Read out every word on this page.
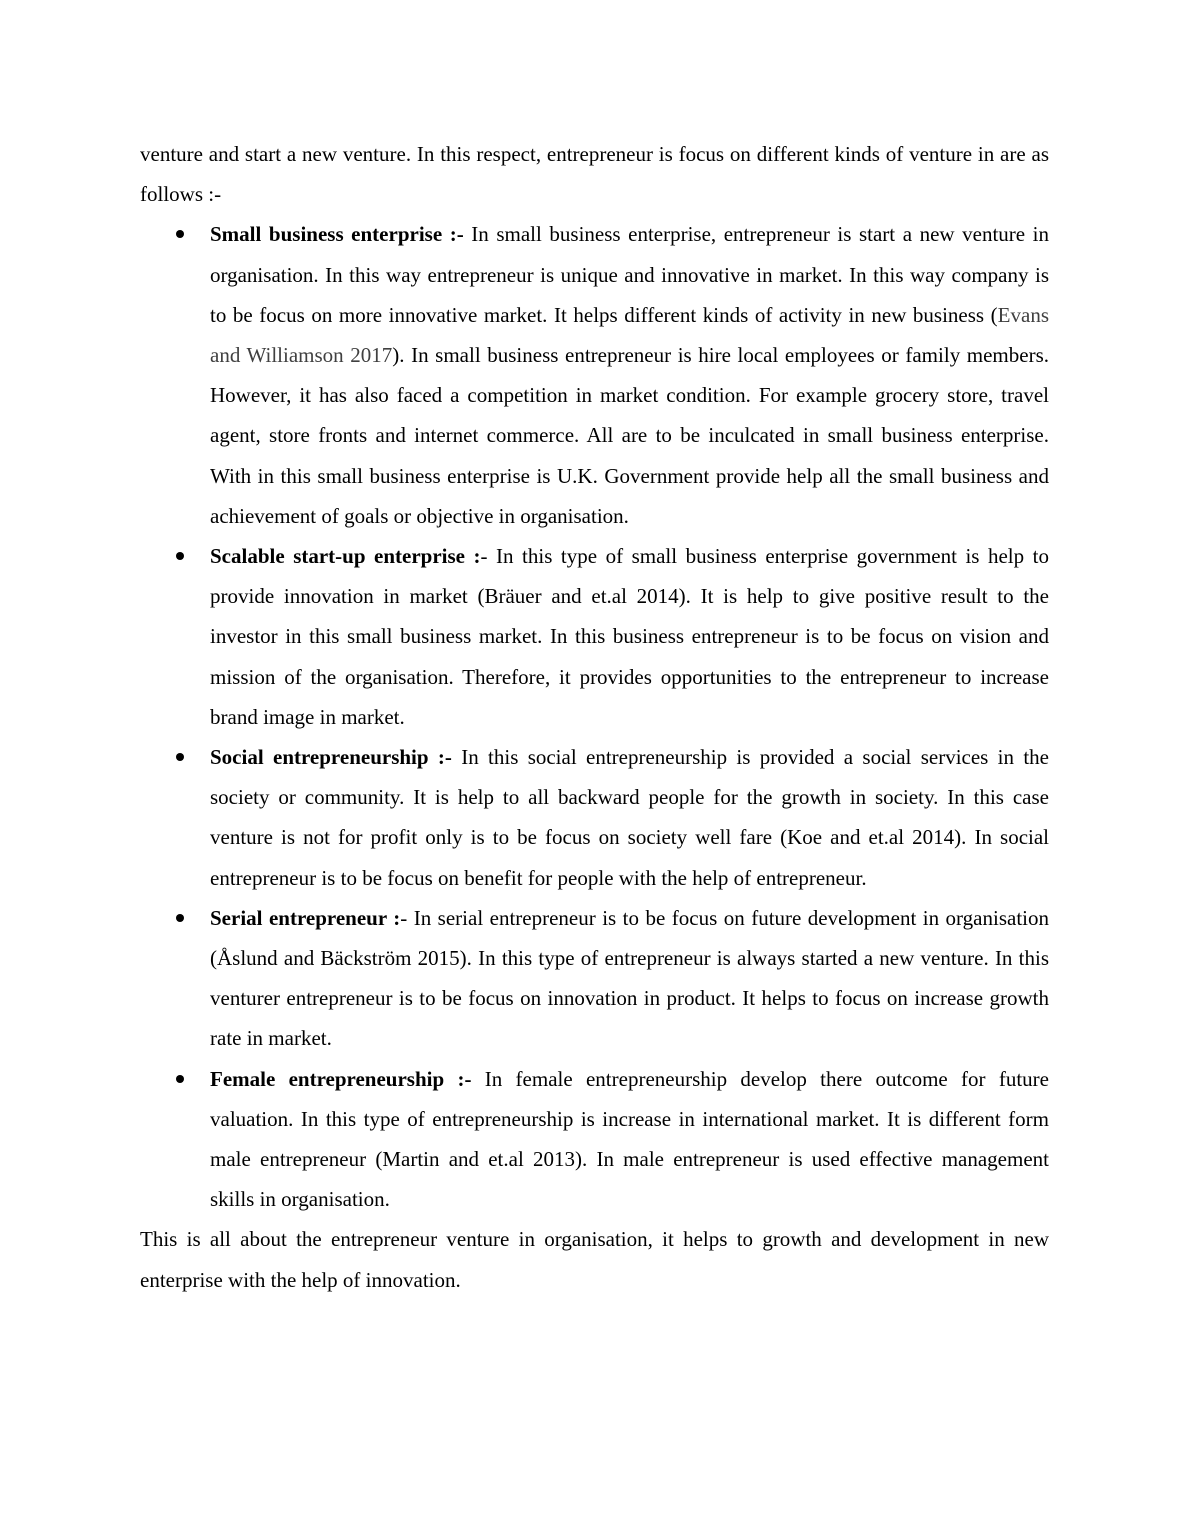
venture and start a new venture. In this respect, entrepreneur is focus on different kinds of venture in are as follows :-

Small business enterprise :- In small business enterprise, entrepreneur is start a new venture in organisation. In this way entrepreneur is unique and innovative in market. In this way company is to be focus on more innovative market. It helps different kinds of activity in new business (Evans and Williamson 2017). In small business entrepreneur is hire local employees or family members. However, it has also faced a competition in market condition. For example grocery store, travel agent, store fronts and internet commerce. All are to be inculcated in small business enterprise. With in this small business enterprise is U.K. Government provide help all the small business and achievement of goals or objective in organisation.
Scalable start-up enterprise :- In this type of small business enterprise government is help to provide innovation in market (Bräuer and et.al 2014). It is help to give positive result to the investor in this small business market. In this business entrepreneur is to be focus on vision and mission of the organisation. Therefore, it provides opportunities to the entrepreneur to increase brand image in market.
Social entrepreneurship :- In this social entrepreneurship is provided a social services in the society or community. It is help to all backward people for the growth in society. In this case venture is not for profit only is to be focus on society well fare (Koe and et.al 2014). In social entrepreneur is to be focus on benefit for people with the help of entrepreneur.
Serial entrepreneur :- In serial entrepreneur is to be focus on future development in organisation (Åslund and Bäckström 2015). In this type of entrepreneur is always started a new venture. In this venturer entrepreneur is to be focus on innovation in product. It helps to focus on increase growth rate in market.
Female entrepreneurship :- In female entrepreneurship develop there outcome for future valuation. In this type of entrepreneurship is increase in international market. It is different form male entrepreneur (Martin and et.al 2013). In male entrepreneur is used effective management skills in organisation.

This is all about the entrepreneur venture in organisation, it helps to growth and development in new enterprise with the help of innovation.
